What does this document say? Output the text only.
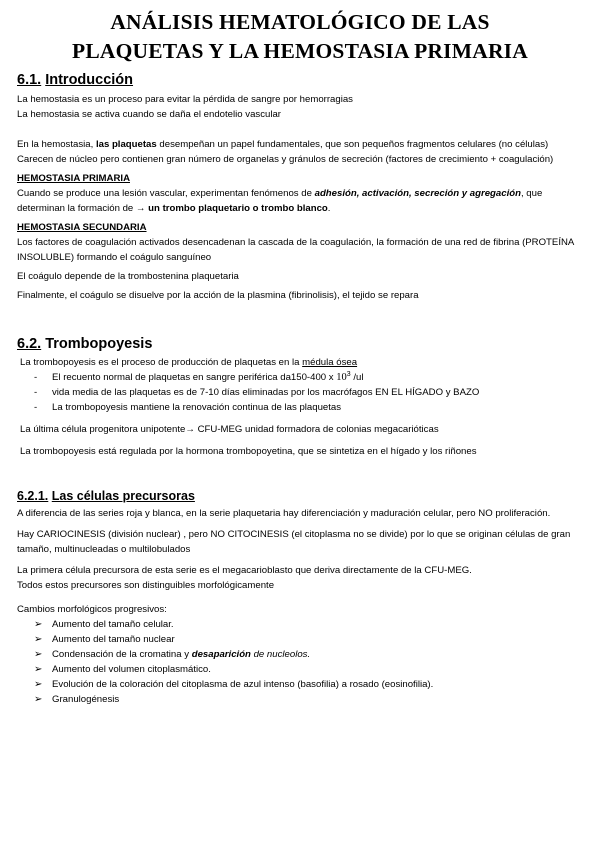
ANÁLISIS HEMATOLÓGICO DE LAS
PLAQUETAS Y LA HEMOSTASIA PRIMARIA
6.1. Introducción
La hemostasia es un proceso para evitar la pérdida de sangre por hemorragias
La hemostasia se activa cuando se daña el endotelio vascular
En la hemostasia, las plaquetas desempeñan un papel fundamentales, que son pequeños fragmentos celulares (no células)
Carecen de núcleo pero contienen gran número de organelas y gránulos de secreción (factores de crecimiento + coagulación)
HEMOSTASIA PRIMARIA
Cuando se produce una lesión vascular, experimentan fenómenos de adhesión, activación, secreción y agregación, que determinan la formación de → un trombo plaquetario o trombo blanco.
HEMOSTASIA SECUNDARIA
Los factores de coagulación activados desencadenan la cascada de la coagulación, la formación de una red de fibrina (PROTEÍNA INSOLUBLE) formando el coágulo sanguíneo
El coágulo depende de la trombostenina plaquetaria
Finalmente, el coágulo se disuelve por la acción de la plasmina (fibrinolisis), el tejido se repara
6.2. Trombopoyesis
La trombopoyesis es el proceso de producción de plaquetas en la médula ósea
- El recuento normal de plaquetas en sangre periférica da150-400 x $10^3$ /ul
- vida media de las plaquetas es de 7-10 días eliminadas por los macrófagos EN EL HÍGADO y BAZO
- La trombopoyesis mantiene la renovación continua de las plaquetas
La última célula progenitora unipotente→ CFU-MEG unidad formadora de colonias megacarióticas
La trombopoyesis está regulada por la hormona trombopoyetina, que se sintetiza en el hígado y los riñones
6.2.1. Las células precursoras
A diferencia de las series roja y blanca, en la serie plaquetaria hay diferenciación y maduración celular, pero NO proliferación.
Hay CARIOCINESIS (división nuclear) , pero NO CITOCINESIS (el citoplasma no se divide) por lo que se originan células de gran tamaño, multinucleadas o multilobulados
La primera célula precursora de esta serie es el megacarioblasto que deriva directamente de la CFU-MEG.
Todos estos precursores son distinguibles morfológicamente
Cambios morfológicos progresivos:
➢ Aumento del tamaño celular.
➢ Aumento del tamaño nuclear
➢ Condensación de la cromatina y desaparición de nucleolos.
➢ Aumento del volumen citoplasmático.
➢ Evolución de la coloración del citoplasma de azul intenso (basofilia) a rosado (eosinofilia).
➢ Granulogénesis
